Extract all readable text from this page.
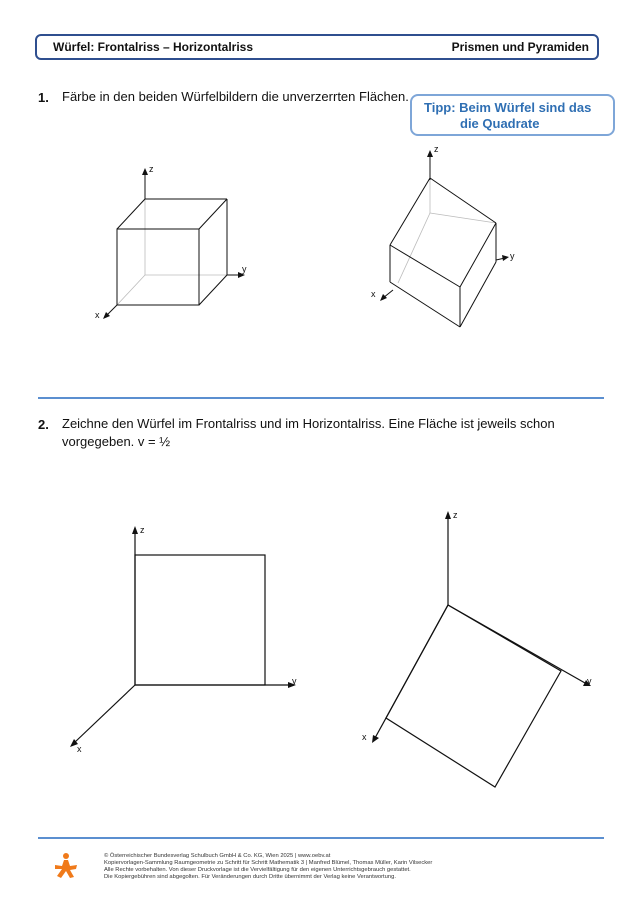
Würfel: Frontalriss – Horizontalriss	Prismen und Pyramiden
1. Färbe in den beiden Würfelbildern die unverzerrten Flächen.
Tipp: Beim Würfel sind das
die Quadrate
z
y
x
z
y
x
2. Zeichne den Würfel im Frontalriss und im Horizontalriss. Eine Fläche ist jeweils schon
vorgegeben. v = ½
z
y
x
z
y
x
© Österreichischer Bundesverlag Schulbuch GmbH & Co. KG, Wien 2025 | www.oebv.at
Kopiervorlagen-Sammlung Raumgeometrie zu Schritt für Schritt Mathematik 3 | Manfred Blümel, Thomas Müller, Karin Vilsecker
Alle Rechte vorbehalten. Von dieser Druckvorlage ist die Vervielfältigung für den eigenen Unterrichtsgebrauch gestattet.
Die Kopiergebühren sind abgegolten. Für Veränderungen durch Dritte übernimmt der Verlag keine Verantwortung.
